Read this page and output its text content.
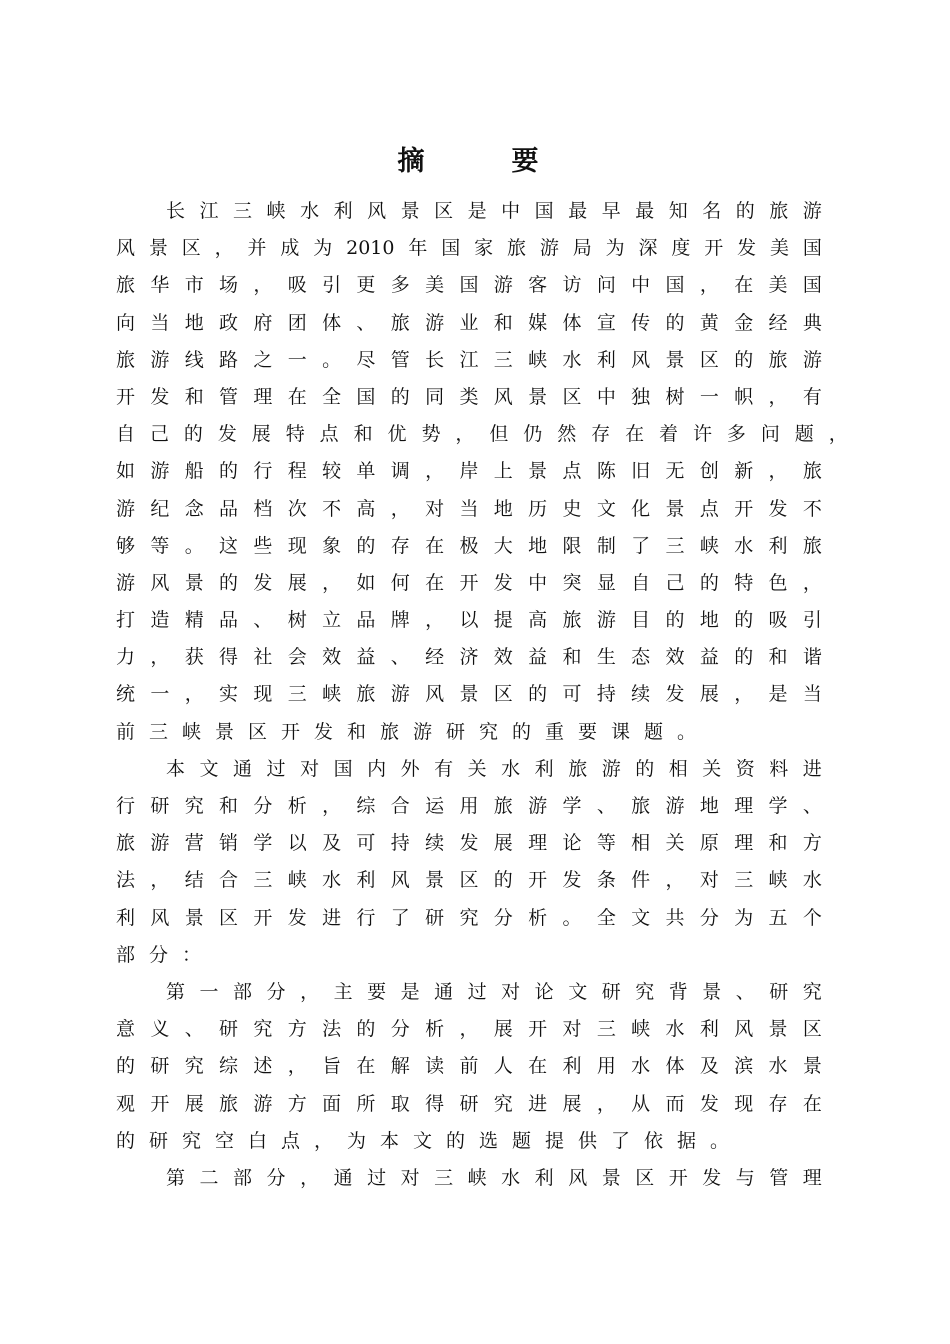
摘　要
长 江 三 峡 水 利 风 景 区 是 中 国 最 早 最 知 名 的 旅 游
风 景 区 ， 并 成 为 2010 年 国 家 旅 游 局 为 深 度 开 发 美 国
旅 华 市 场 ， 吸 引 更 多 美 国 游 客 访 问 中 国 ， 在 美 国
向 当 地 政 府 团 体 、 旅 游 业 和 媒 体 宣 传 的 黄 金 经 典
旅 游 线 路 之 一 。 尽 管 长 江 三 峡 水 利 风 景 区 的 旅 游
开 发 和 管 理 在 全 国 的 同 类 风 景 区 中 独 树 一 帜 ， 有
自 己 的 发 展 特 点 和 优 势 ， 但 仍 然 存 在 着 许 多 问 题 ，
如 游 船 的 行 程 较 单 调 ， 岸 上 景 点 陈 旧 无 创 新 ， 旅
游 纪 念 品 档 次 不 高 ， 对 当 地 历 史 文 化 景 点 开 发 不
够 等 。 这 些 现 象 的 存 在 极 大 地 限 制 了 三 峡 水 利 旅
游 风 景 的 发 展 ， 如 何 在 开 发 中 突 显 自 己 的 特 色 ，
打 造 精 品 、 树 立 品 牌 ， 以 提 高 旅 游 目 的 地 的 吸 引
力 ， 获 得 社 会 效 益 、 经 济 效 益 和 生 态 效 益 的 和 谐
统 一 ， 实 现 三 峡 旅 游 风 景 区 的 可 持 续 发 展 ， 是 当
前三峡景区开发和旅游研究的重要课题。
本 文 通 过 对 国 内 外 有 关 水 利 旅 游 的 相 关 资 料 进
行 研 究 和 分 析 ， 综 合 运 用 旅 游 学 、 旅 游 地 理 学 、
旅 游 营 销 学 以 及 可 持 续 发 展 理 论 等 相 关 原 理 和 方
法 ， 结 合 三 峡 水 利 风 景 区 的 开 发 条 件 ， 对 三 峡 水
利 风 景 区 开 发 进 行 了 研 究 分 析 。 全 文 共 分 为 五 个
部分：
第 一 部 分 ， 主 要 是 通 过 对 论 文 研 究 背 景 、 研 究
意 义 、 研 究 方 法 的 分 析 ， 展 开 对 三 峡 水 利 风 景 区
的 研 究 综 述 ， 旨 在 解 读 前 人 在 利 用 水 体 及 滨 水 景
观 开 展 旅 游 方 面 所 取 得 研 究 进 展 ， 从 而 发 现 存 在
的研究空白点，为本文的选题提供了依据。
第 二 部 分 ， 通 过 对 三 峡 水 利 风 景 区 开 发 与 管 理
